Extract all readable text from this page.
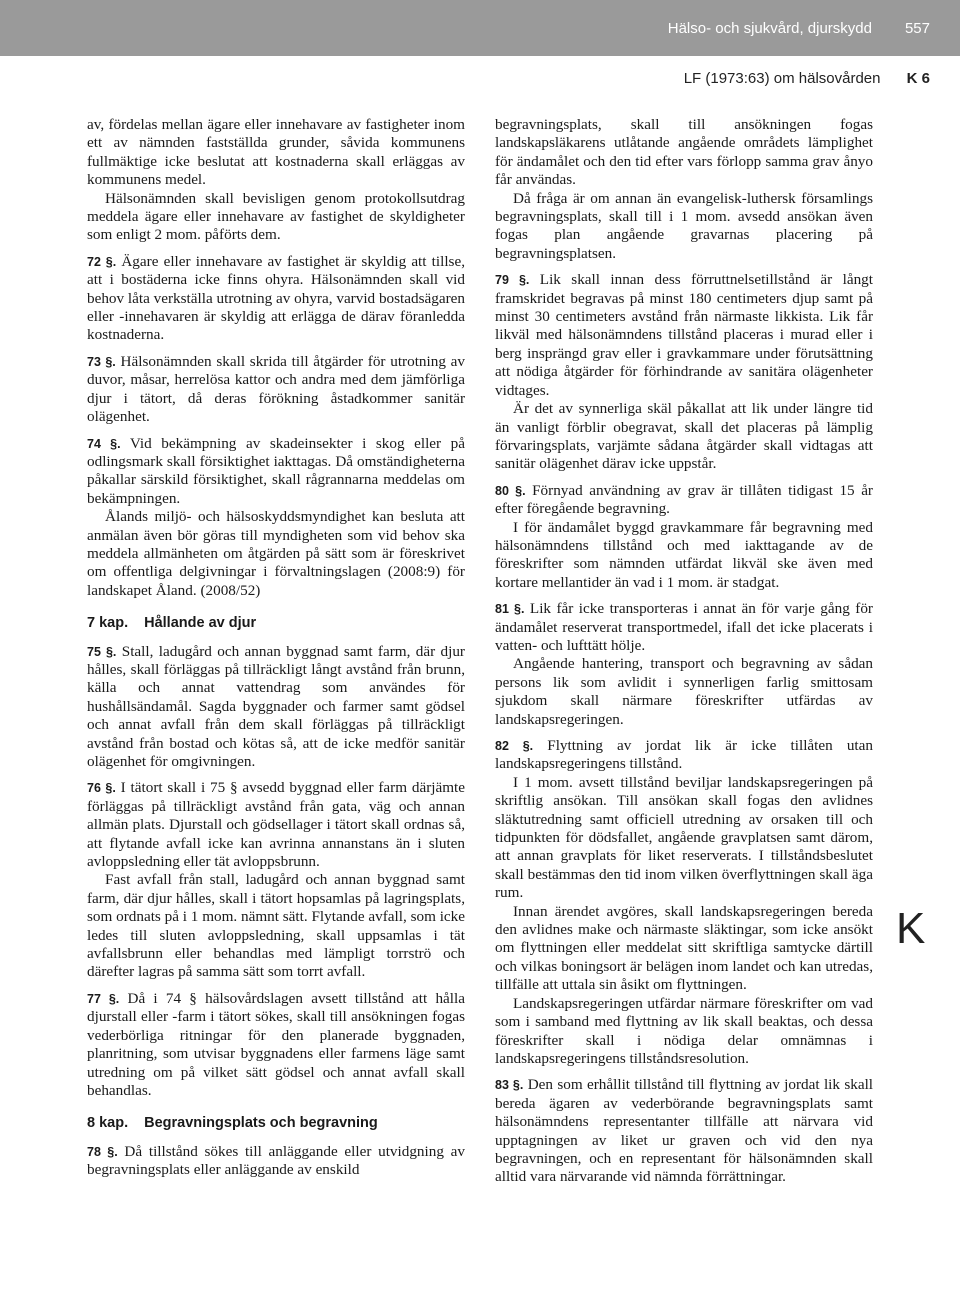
Hälso- och sjukvård, djurskydd 557
LF (1973:63) om hälsovården K 6

av, fördelas mellan ägare eller innehavare av fastigheter inom ett av nämnden fastställda grunder, såvida kommunens fullmäktige icke beslutat att kostnaderna skall erläggas av kommunens medel.

Hälsonämnden skall bevisligen genom protokollsutdrag meddela ägare eller innehavare av fastighet de skyldigheter som enligt 2 mom. påförts dem.

72 §. Ägare eller innehavare av fastighet är skyldig att tillse, att i bostäderna icke finns ohyra. Hälsonämnden skall vid behov låta verkställa utrotning av ohyra, varvid bostadsägaren eller -innehavaren är skyldig att erlägga de därav föranledda kostnaderna.

73 §. Hälsonämnden skall skrida till åtgärder för utrotning av duvor, måsar, herrelösa kattor och andra med dem jämförliga djur i tätort, då deras förökning åstadkommer sanitär olägenhet.

74 §. Vid bekämpning av skadeinsekter i skog eller på odlingsmark skall försiktighet iakttagas. Då omständigheterna påkallar särskild försiktighet, skall rågrannarna meddelas om bekämpningen.

Ålands miljö- och hälsoskyddsmyndighet kan besluta att anmälan även bör göras till myndigheten som vid behov ska meddela allmänheten om åtgärden på sätt som är föreskrivet om offentliga delgivningar i förvaltningslagen (2008:9) för landskapet Åland. (2008/52)

7 kap. Hållande av djur

75 §. Stall, ladugård och annan byggnad samt farm, där djur hålles, skall förläggas på tillräckligt långt avstånd från brunn, källa och annat vattendrag som användes för hushållsändamål. Sagda byggnader och farmer samt gödsel och annat avfall från dem skall förläggas på tillräckligt avstånd från bostad och kötas så, att de icke medför sanitär olägenhet för omgivningen.

76 §. I tätort skall i 75 § avsedd byggnad eller farm därjämte förläggas på tillräckligt avstånd från gata, väg och annan allmän plats. Djurstall och gödsellager i tätort skall ordnas så, att flytande avfall icke kan avrinna annanstans än i sluten avloppsledning eller tät avloppsbrunn.

Fast avfall från stall, ladugård och annan byggnad samt farm, där djur hålles, skall i tätort hopsamlas på lagringsplats, som ordnats på i 1 mom. nämnt sätt. Flytande avfall, som icke ledes till sluten avloppsledning, skall uppsamlas i tät avfallsbrunn eller behandlas med lämpligt torrströ och därefter lagras på samma sätt som torrt avfall.

77 §. Då i 74 § hälsovårdslagen avsett tillstånd att hålla djurstall eller -farm i tätort sökes, skall till ansökningen fogas vederbörliga ritningar för den planerade byggnaden, planritning, som utvisar byggnadens eller farmens läge samt utredning om på vilket sätt gödsel och annat avfall skall behandlas.

8 kap. Begravningsplats och begravning

78 §. Då tillstånd sökes till anläggande eller utvidgning av begravningsplats eller anläggande av enskild

begravningsplats, skall till ansökningen fogas landskapsläkarens utlåtande angående områdets lämplighet för ändamålet och den tid efter vars förlopp samma grav ånyo får användas.

Då fråga är om annan än evangelisk-luthersk församlings begravningsplats, skall till i 1 mom. avsedd ansökan även fogas plan angående gravarnas placering på begravningsplatsen.

79 §. Lik skall innan dess förruttnelsetillstånd är långt framskridet begravas på minst 180 centimeters djup samt på minst 30 centimeters avstånd från närmaste likkista. Lik får likväl med hälsonämndens tillstånd placeras i murad eller i berg insprängd grav eller i gravkammare under förutsättning att nödiga åtgärder för förhindrande av sanitära olägenheter vidtages.

Är det av synnerliga skäl påkallat att lik under längre tid än vanligt förblir obegravat, skall det placeras på lämplig förvaringsplats, varjämte sådana åtgärder skall vidtagas att sanitär olägenhet därav icke uppstår.

80 §. Förnyad användning av grav är tillåten tidigast 15 år efter föregående begravning.

I för ändamålet byggd gravkammare får begravning med hälsonämndens tillstånd och med iakttagande av de föreskrifter som nämnden utfärdat likväl ske även med kortare mellantider än vad i 1 mom. är stadgat.

81 §. Lik får icke transporteras i annat än för varje gång för ändamålet reserverat transportmedel, ifall det icke placerats i vatten- och lufttätt hölje.

Angående hantering, transport och begravning av sådan persons lik som avlidit i synnerligen farlig smittosam sjukdom skall närmare föreskrifter utfärdas av landskapsregeringen.

82 §. Flyttning av jordat lik är icke tillåten utan landskapsregeringens tillstånd.

I 1 mom. avsett tillstånd beviljar landskapsregeringen på skriftlig ansökan. Till ansökan skall fogas den avlidnes släktutredning samt officiell utredning av orsaken till och tidpunkten för dödsfallet, angående gravplatsen samt därom, att annan gravplats för liket reserverats. I tillståndsbeslutet skall bestämmas den tid inom vilken överflyttningen skall äga rum.

Innan ärendet avgöres, skall landskapsregeringen bereda den avlidnes make och närmaste släktingar, som icke ansökt om flyttningen eller meddelat sitt skriftliga samtycke därtill och vilkas boningsort är belägen inom landet och kan utredas, tillfälle att uttala sin åsikt om flyttningen.

Landskapsregeringen utfärdar närmare föreskrifter om vad som i samband med flyttning av lik skall beaktas, och dessa föreskrifter skall i nödiga delar omnämnas i landskapsregeringens tillståndsresolution.

83 §. Den som erhållit tillstånd till flyttning av jordat lik skall bereda ägaren av vederbörande begravningsplats samt hälsonämndens representanter tillfälle att närvara vid upptagningen av liket ur graven och vid den nya begravningen, och en representant för hälsonämnden skall alltid vara närvarande vid nämnda förrättningar.

K
